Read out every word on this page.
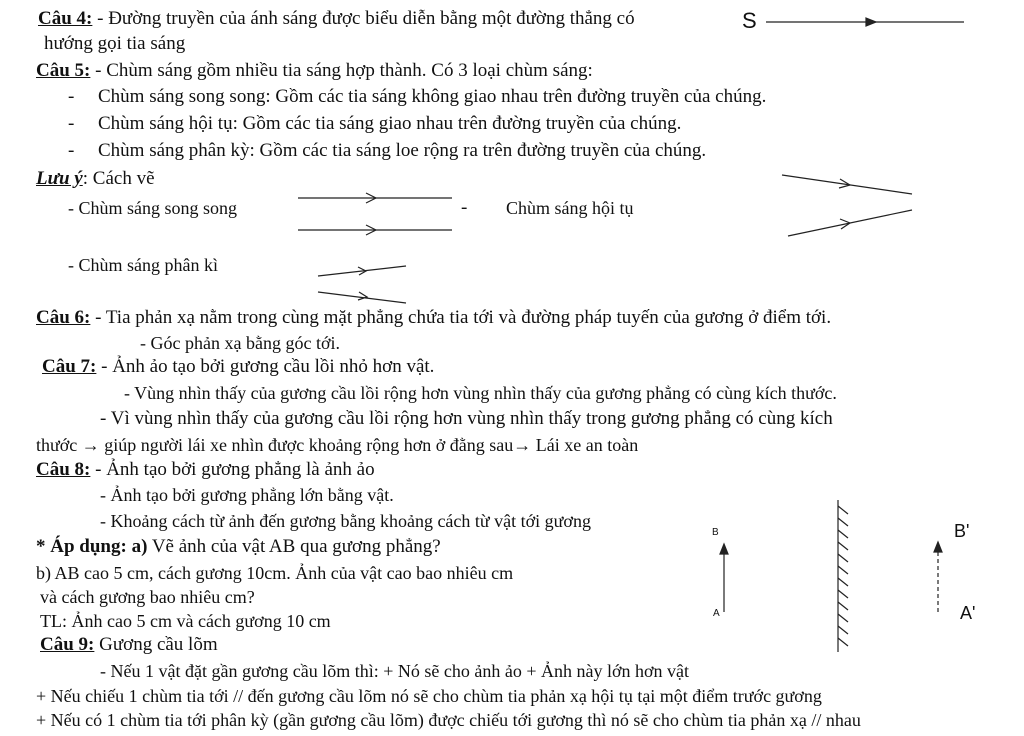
Câu 4: - Đường truyền của ánh sáng được biểu diễn bằng một đường thẳng có	S
hướng gọi tia sáng
Câu 5: - Chùm sáng gồm nhiều tia sáng hợp thành. Có 3 loại chùm sáng:
- Chùm sáng song song: Gồm các tia sáng không giao nhau trên đường truyền của chúng.
- Chùm sáng hội tụ: Gồm các tia sáng giao nhau trên đường truyền của chúng.
- Chùm sáng phân kỳ: Gồm các tia sáng loe rộng ra trên đường truyền của chúng.
Lưu ý: Cách vẽ
- Chùm sáng song song	- Chùm sáng hội tụ
- Chùm sáng phân kì
Câu 6: - Tia phản xạ nằm trong cùng mặt phẳng chứa tia tới và đường pháp tuyến của gương ở điểm tới.
- Góc phản xạ bằng góc tới.
Câu 7: - Ảnh ảo tạo bởi gương cầu lồi nhỏ hơn vật.
- Vùng nhìn thấy của gương cầu lồi rộng hơn vùng nhìn thấy của gương phẳng có cùng kích thước.
- Vì vùng nhìn thấy của gương cầu lồi rộng hơn vùng nhìn thấy trong gương phẳng có cùng kích
thước → giúp người lái xe nhìn được khoảng rộng hơn ở đằng sau→ Lái xe an toàn
Câu 8: - Ảnh tạo bởi gương phẳng là ảnh ảo
- Ảnh tạo bởi gương phẳng lớn bằng vật.
- Khoảng cách từ ảnh đến gương bằng khoảng cách từ vật tới gương
* Áp dụng: a) Vẽ ảnh của vật AB qua gương phẳng?
b) AB cao 5 cm, cách gương 10cm. Ảnh của vật cao bao nhiêu cm
và cách gương bao nhiêu cm?
TL: Ảnh cao 5 cm và cách gương 10 cm
Câu 9: Gương cầu lõm
- Nếu 1 vật đặt gần gương cầu lõm thì: + Nó sẽ cho ảnh ảo + Ảnh này lớn hơn vật
+ Nếu chiếu 1 chùm tia tới // đến gương cầu lõm nó sẽ cho chùm tia phản xạ hội tụ tại một điểm trước gương
+ Nếu có 1 chùm tia tới phân kỳ (gần gương cầu lõm) được chiếu tới gương thì nó sẽ cho chùm tia phản xạ // nhau
B
A
B'
A'
